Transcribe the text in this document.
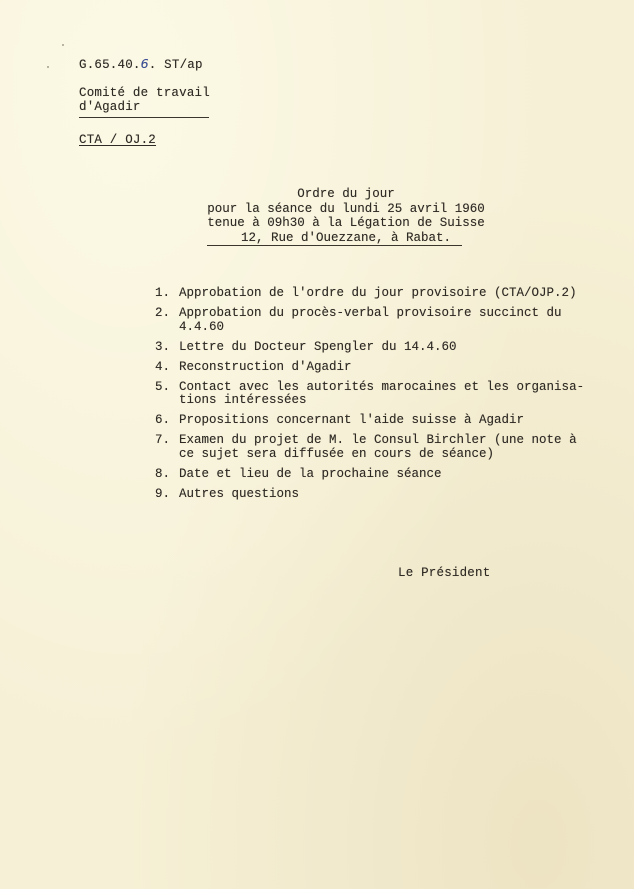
G.65.40.6. ST/ap
Comité de travail
d'Agadir
CTA / OJ.2
Ordre du jour
pour la séance du lundi 25 avril 1960
tenue à 09h30 à la Légation de Suisse
12, Rue d'Ouezzane, à Rabat.
1. Approbation de l'ordre du jour provisoire (CTA/OJP.2)
2. Approbation du procès-verbal provisoire succinct du
4.4.60
3. Lettre du Docteur Spengler du 14.4.60
4. Reconstruction d'Agadir
5. Contact avec les autorités marocaines et les organisa-
tions intéressées
6. Propositions concernant l'aide suisse à Agadir
7. Examen du projet de M. le Consul Birchler (une note à
ce sujet sera diffusée en cours de séance)
8. Date et lieu de la prochaine séance
9. Autres questions
Le Président
